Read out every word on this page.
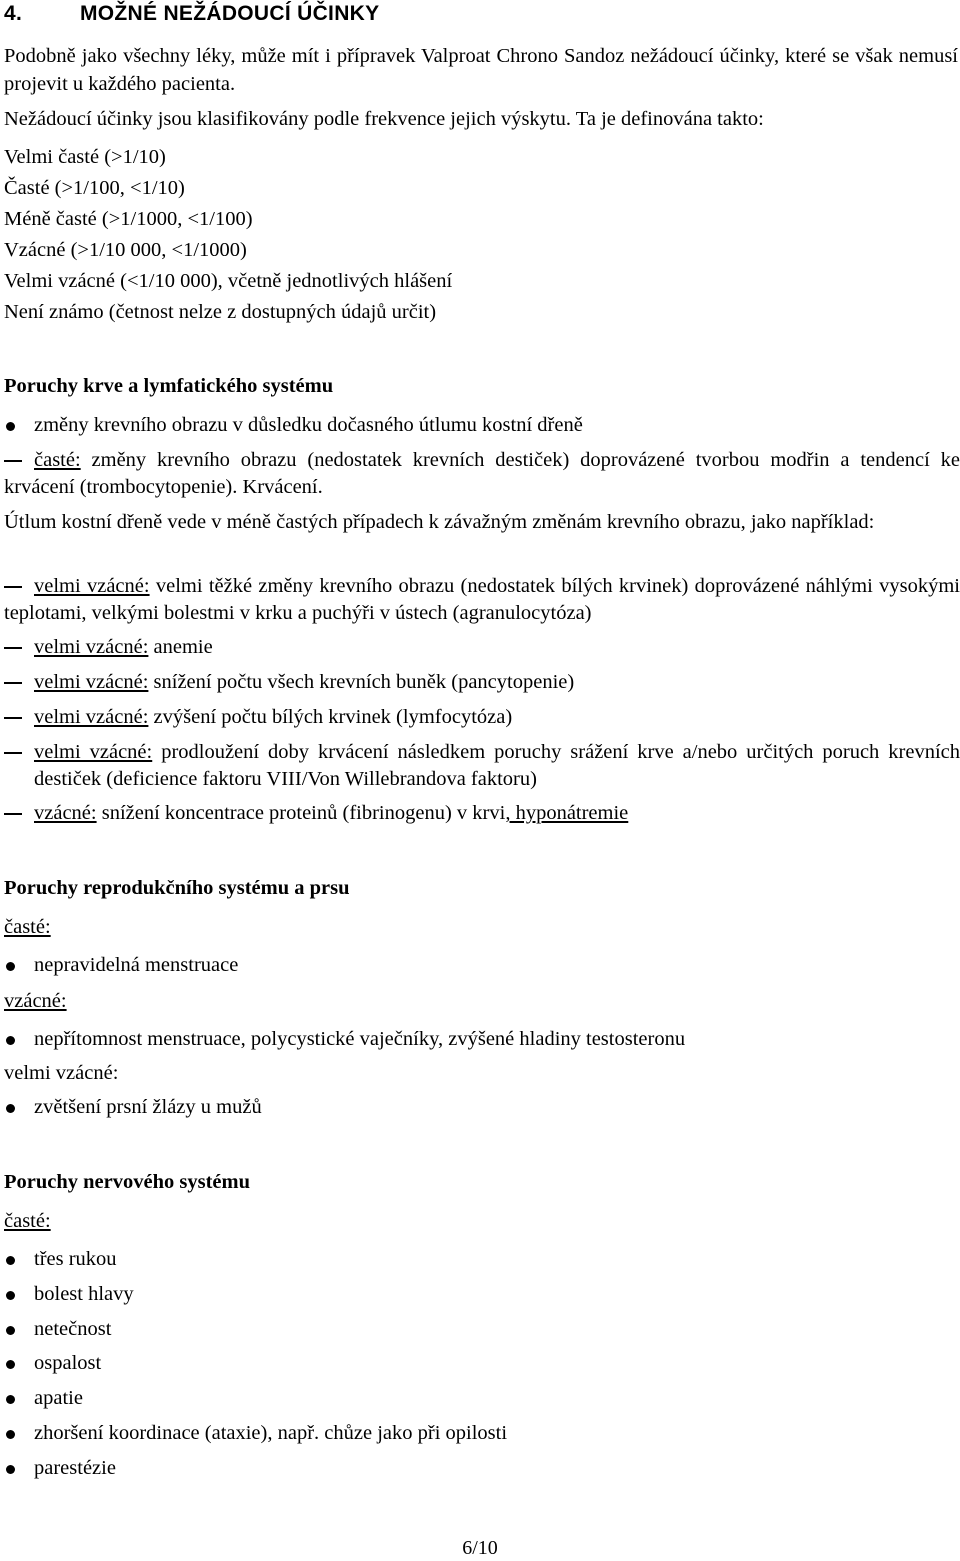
4.	MOŽNÉ NEŽÁDOUCÍ ÚČINKY
Podobně jako všechny léky, může mít i přípravek Valproat Chrono Sandoz nežádoucí účinky, které se však nemusí projevit u každého pacienta.
Nežádoucí účinky jsou klasifikovány podle frekvence jejich výskytu. Ta je definována takto:
Velmi časté (>1/10)
Časté (>1/100, <1/10)
Méně časté (>1/1000, <1/100)
Vzácné (>1/10 000, <1/1000)
Velmi vzácné (<1/10 000), včetně jednotlivých hlášení
Není známo (četnost nelze z dostupných údajů určit)
Poruchy krve a lymfatického systému
změny krevního obrazu v důsledku dočasného útlumu kostní dřeně
časté: změny krevního obrazu (nedostatek krevních destiček) doprovázené tvorbou modřin a tendencí ke krvácení (trombocytopenie). Krvácení.
Útlum kostní dřeně vede v méně častých případech k závažným změnám krevního obrazu, jako například:
velmi vzácné: velmi těžké změny krevního obrazu (nedostatek bílých krvinek) doprovázené náhlými vysokými teplotami, velkými bolestmi v krku a puchýři v ústech (agranulocytóza)
velmi vzácné: anemie
velmi vzácné: snížení počtu všech krevních buněk (pancytopenie)
velmi vzácné: zvýšení počtu bílých krvinek (lymfocytóza)
velmi vzácné: prodloužení doby krvácení následkem poruchy srážení krve a/nebo určitých poruch krevních destiček (deficience faktoru VIII/Von Willebrandova faktoru)
vzácné: snížení koncentrace proteinů (fibrinogenu) v krvi, hyponátremie
Poruchy reprodukčního systému a prsu
časté:
nepravidelná menstruace
vzácné:
nepřítomnost menstruace, polycystické vaječníky, zvýšené hladiny testosteronu
velmi vzácné:
zvětšení prsní žlázy u mužů
Poruchy nervového systému
časté:
třes rukou
bolest hlavy
netečnost
ospalost
apatie
zhoršení koordinace (ataxie), např. chůze jako při opilosti
parestézie
6/10
